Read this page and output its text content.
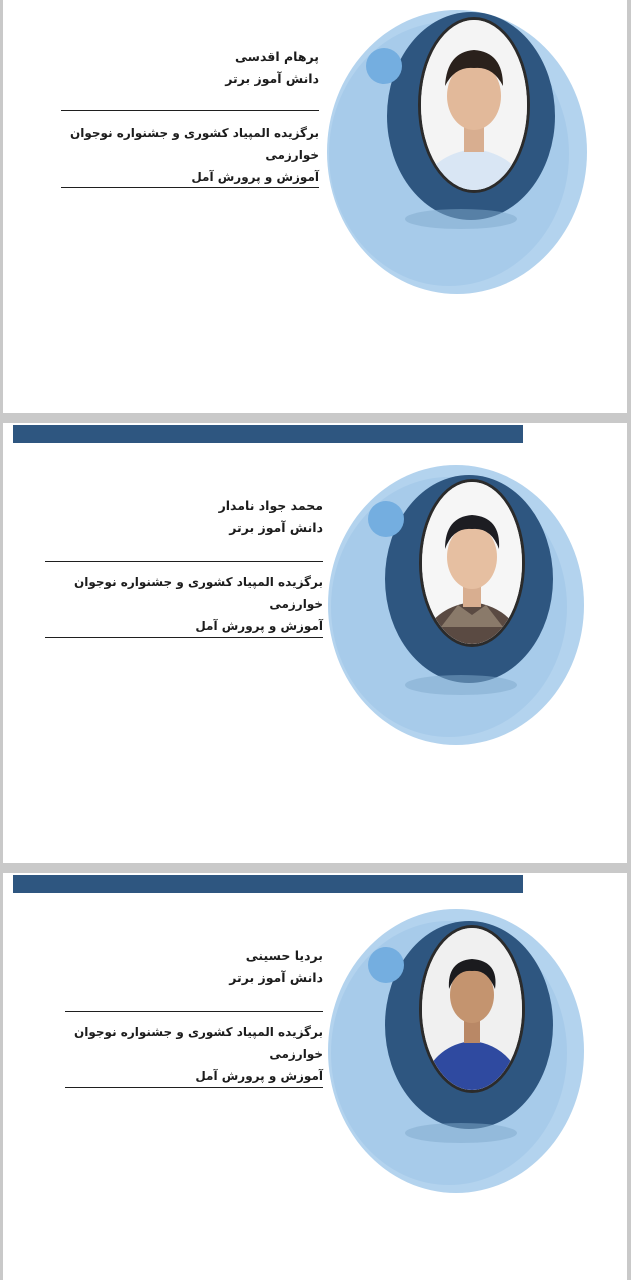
پرهام اقدسی
دانش آموز برتر
برگزیده المپیاد کشوری و جشنواره نوجوان خوارزمی
آموزش و پرورش آمل
محمد جواد نامدار
دانش آموز برتر
برگزیده المپیاد کشوری و جشنواره نوجوان خوارزمی
آموزش و پرورش آمل
بردیا حسینی
دانش آموز برتر
برگزیده المپیاد کشوری و جشنواره نوجوان خوارزمی
آموزش و پرورش آمل
